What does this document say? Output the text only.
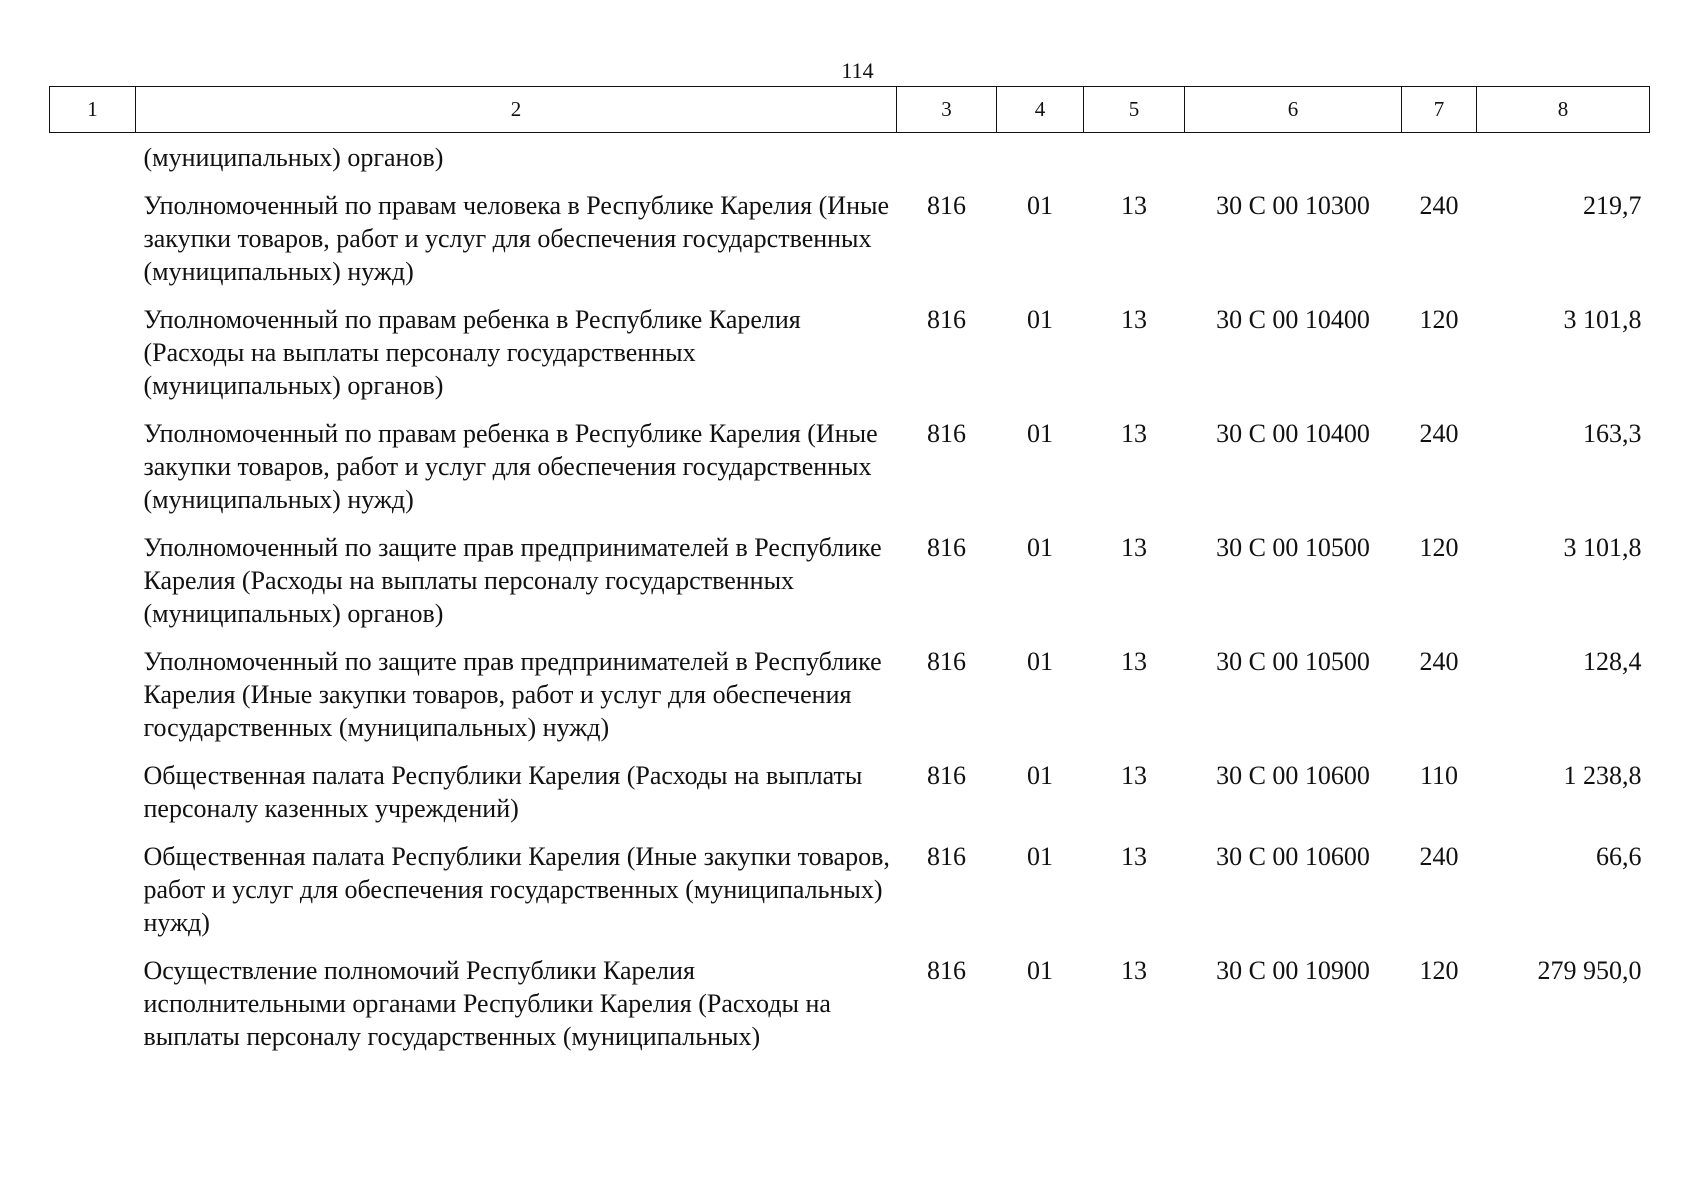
114
1	2	3	4	5	6	7	8
	(муниципальных) органов)						
	Уполномоченный по правам человека в Республике Карелия (Иные закупки товаров, работ и услуг для обеспечения государственных (муниципальных) нужд)	816	01	13	30 С 00 10300	240	219,7
	Уполномоченный по правам ребенка в Республике Карелия (Расходы на выплаты персоналу государственных (муниципальных) органов)	816	01	13	30 С 00 10400	120	3 101,8
	Уполномоченный по правам ребенка в Республике Карелия (Иные закупки товаров, работ и услуг для обеспечения государственных (муниципальных) нужд)	816	01	13	30 С 00 10400	240	163,3
	Уполномоченный по защите прав предпринимателей в Республике Карелия (Расходы на выплаты персоналу государственных (муниципальных) органов)	816	01	13	30 С 00 10500	120	3 101,8
	Уполномоченный по защите прав предпринимателей в Республике Карелия (Иные закупки товаров, работ и услуг для обеспечения государственных (муниципальных) нужд)	816	01	13	30 С 00 10500	240	128,4
	Общественная палата Республики Карелия (Расходы на выплаты персоналу казенных учреждений)	816	01	13	30 С 00 10600	110	1 238,8
	Общественная палата Республики Карелия (Иные закупки товаров, работ и услуг для обеспечения государственных (муниципальных) нужд)	816	01	13	30 С 00 10600	240	66,6
	Осуществление полномочий Республики Карелия исполнительными органами Республики Карелия (Расходы на выплаты персоналу государственных (муниципальных)	816	01	13	30 С 00 10900	120	279 950,0
